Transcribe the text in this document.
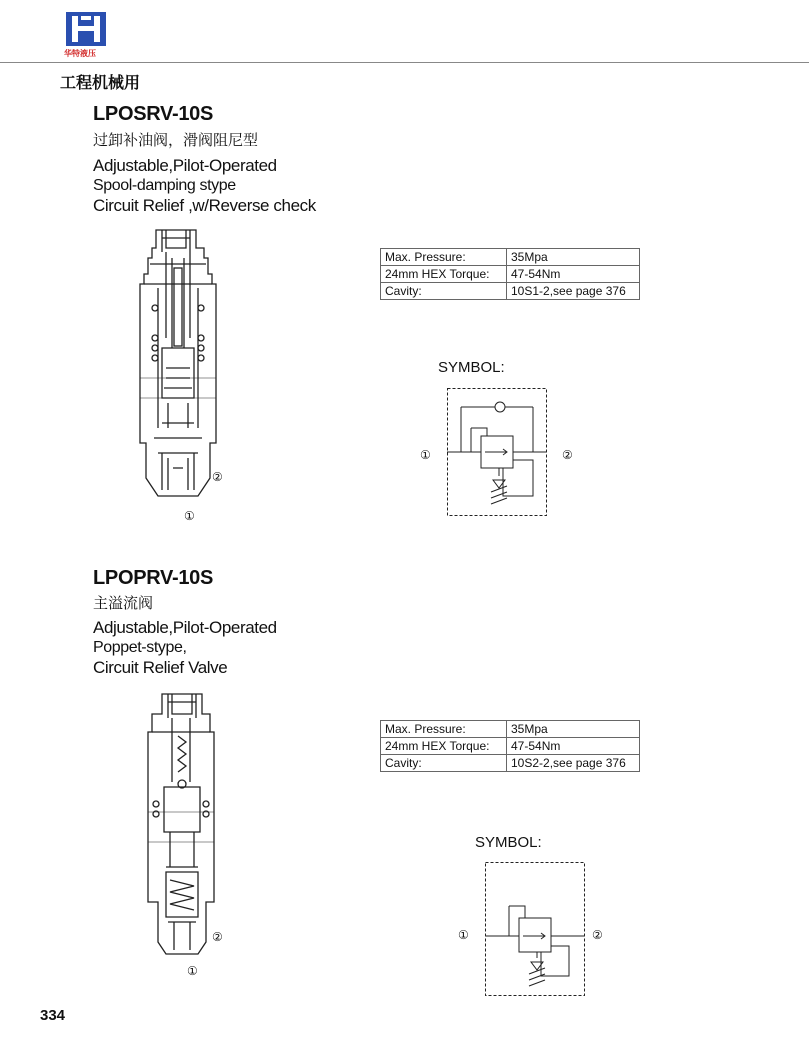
华特液压
工程机械用
LPOSRV-10S
过卸补油阀，滑阀阻尼型
Adjustable,Pilot-Operated
Spool-damping stype
Circuit Relief ,w/Reverse check
②
①
Max. Pressure:	35Mpa
24mm HEX Torque:	47-54Nm
Cavity:	10S1-2,see page 376
SYMBOL:
①	②
LPOPRV-10S
主溢流阀
Adjustable,Pilot-Operated
Poppet-stype,
Circuit Relief Valve
②
①
Max. Pressure:	35Mpa
24mm HEX Torque:	47-54Nm
Cavity:	10S2-2,see page 376
SYMBOL:
①	②
334
